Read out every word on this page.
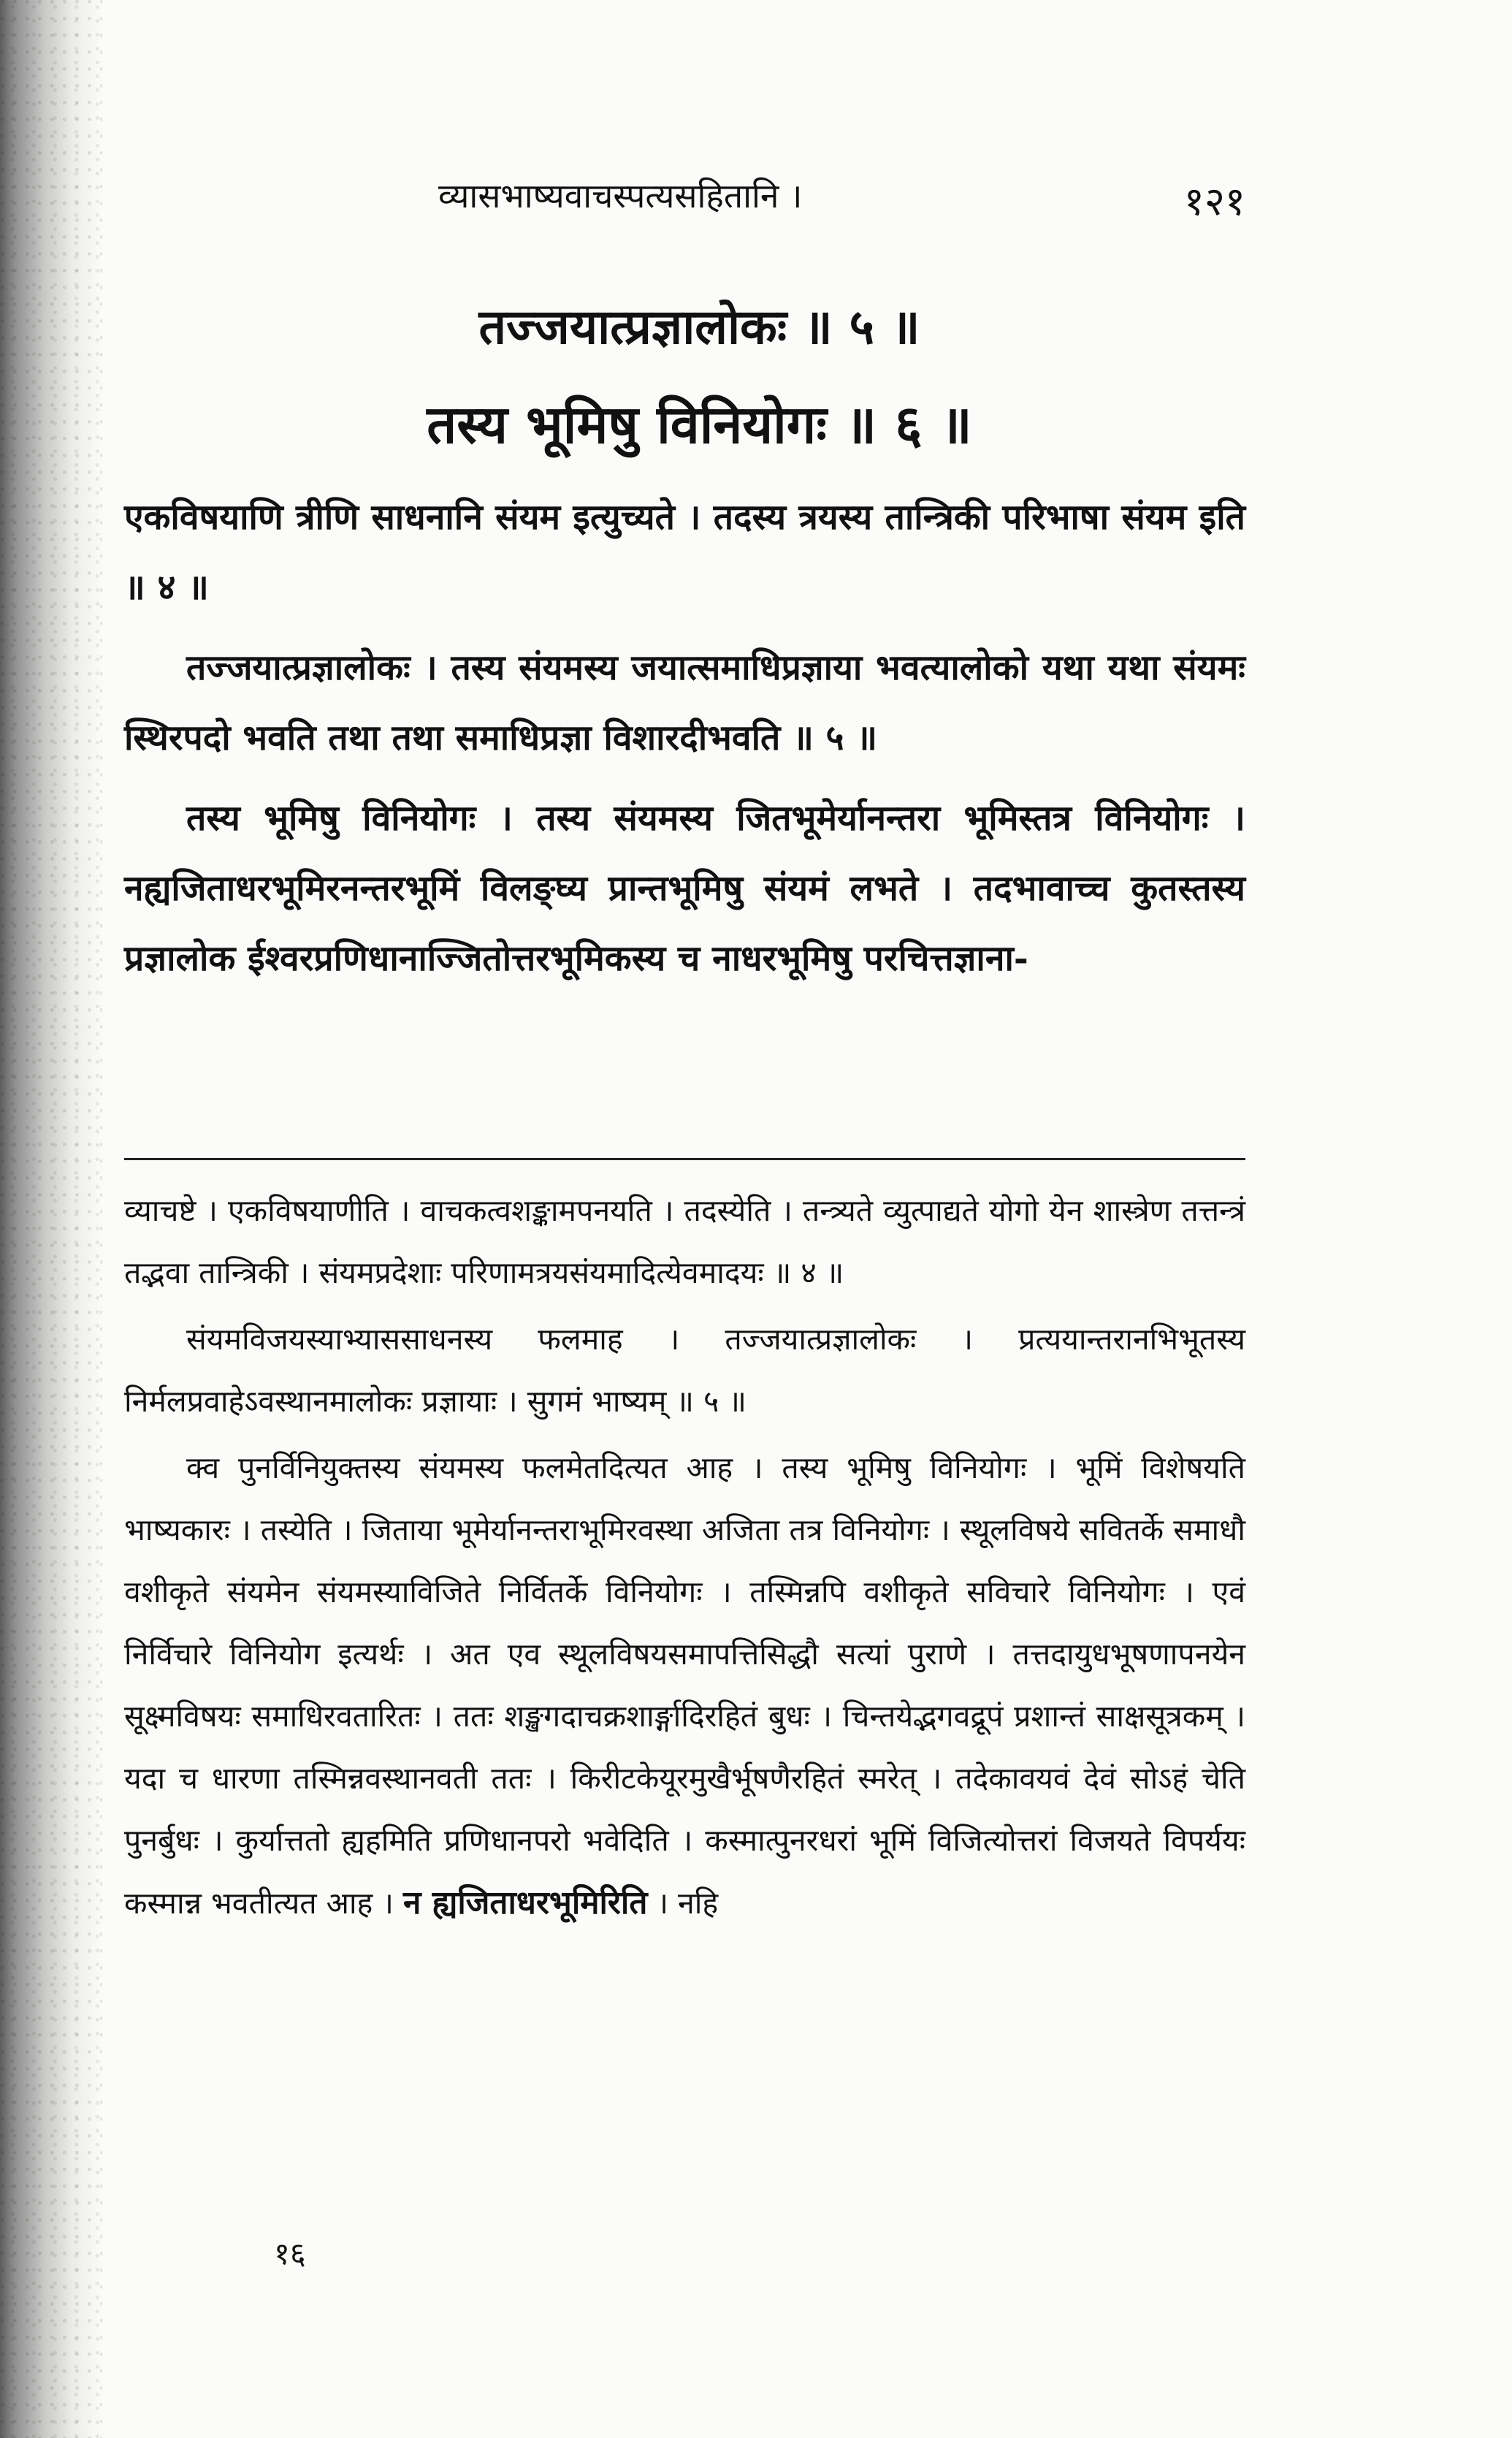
व्यासभाष्यवाचस्पत्यसहितानि ।	१२१

तज्जयात्प्रज्ञालोकः ॥ ५ ॥

तस्य भूमिषु विनियोगः ॥ ६ ॥

एकविषयाणि त्रीणि साधनानि संयम इत्युच्यते । तदस्य त्रयस्य तान्त्रिकी परिभाषा संयम इति ॥ ४ ॥

तज्जयात्प्रज्ञालोकः । तस्य संयमस्य जयात्समाधिप्रज्ञाया भवत्यालोको यथा यथा संयमः स्थिरपदो भवति तथा तथा समाधिप्रज्ञा विशारदीभवति ॥ ५ ॥

तस्य भूमिषु विनियोगः । तस्य संयमस्य जितभूमेर्यानन्तरा भूमिस्तत्र विनियोगः । नह्यजिताधरभूमिरनन्तरभूमिं विलङ्घ्य प्रान्तभूमिषु संयमं लभते । तदभावाच्च कुतस्तस्य प्रज्ञालोक ईश्वरप्रणिधानाज्जितोत्तरभूमिकस्य च नाधरभूमिषु परचित्तज्ञाना-

व्याचष्टे । एकविषयाणीति । वाचकत्वशङ्कामपनयति । तदस्येति । तन्त्र्यते व्युत्पाद्यते योगो येन शास्त्रेण तत्तन्त्रं तद्भवा तान्त्रिकी । संयमप्रदेशाः परिणामत्रयसंयमादित्येवमादयः ॥ ४ ॥

संयमविजयस्याभ्याससाधनस्य फलमाह । तज्जयात्प्रज्ञालोकः । प्रत्ययान्तरानभिभूतस्य निर्मलप्रवाहेऽवस्थानमालोकः प्रज्ञायाः । सुगमं भाष्यम् ॥ ५ ॥

क्व पुनर्विनियुक्तस्य संयमस्य फलमेतदित्यत आह । तस्य भूमिषु विनियोगः । भूमिं विशेषयति भाष्यकारः । तस्येति । जिताया भूमेर्यानन्तराभूमिरवस्था अजिता तत्र विनियोगः । स्थूलविषये सवितर्के समाधौ वशीकृते संयमेन संयमस्याविजिते निर्वितर्के विनियोगः । तस्मिन्नपि वशीकृते सविचारे विनियोगः । एवं निर्विचारे विनियोग इत्यर्थः । अत एव स्थूलविषयसमापत्तिसिद्धौ सत्यां पुराणे । तत्तदायुधभूषणापनयेन सूक्ष्मविषयः समाधिरवतारितः । ततः शङ्खगदाचक्रशार्ङ्गादिरहितं बुधः । चिन्तयेद्भगवद्रूपं प्रशान्तं साक्षसूत्रकम् । यदा च धारणा तस्मिन्नवस्थानवती ततः । किरीटकेयूरमुखैर्भूषणैरहितं स्मरेत् । तदेकावयवं देवं सोऽहं चेति पुनर्बुधः । कुर्यात्ततो ह्यहमिति प्रणिधानपरो भवेदिति । कस्मात्पुनरधरां भूमिं विजित्योत्तरां विजयते विपर्ययः कस्मान्न भवतीत्यत आह । न ह्यजिताधरभूमिरिति । नहि

१६
